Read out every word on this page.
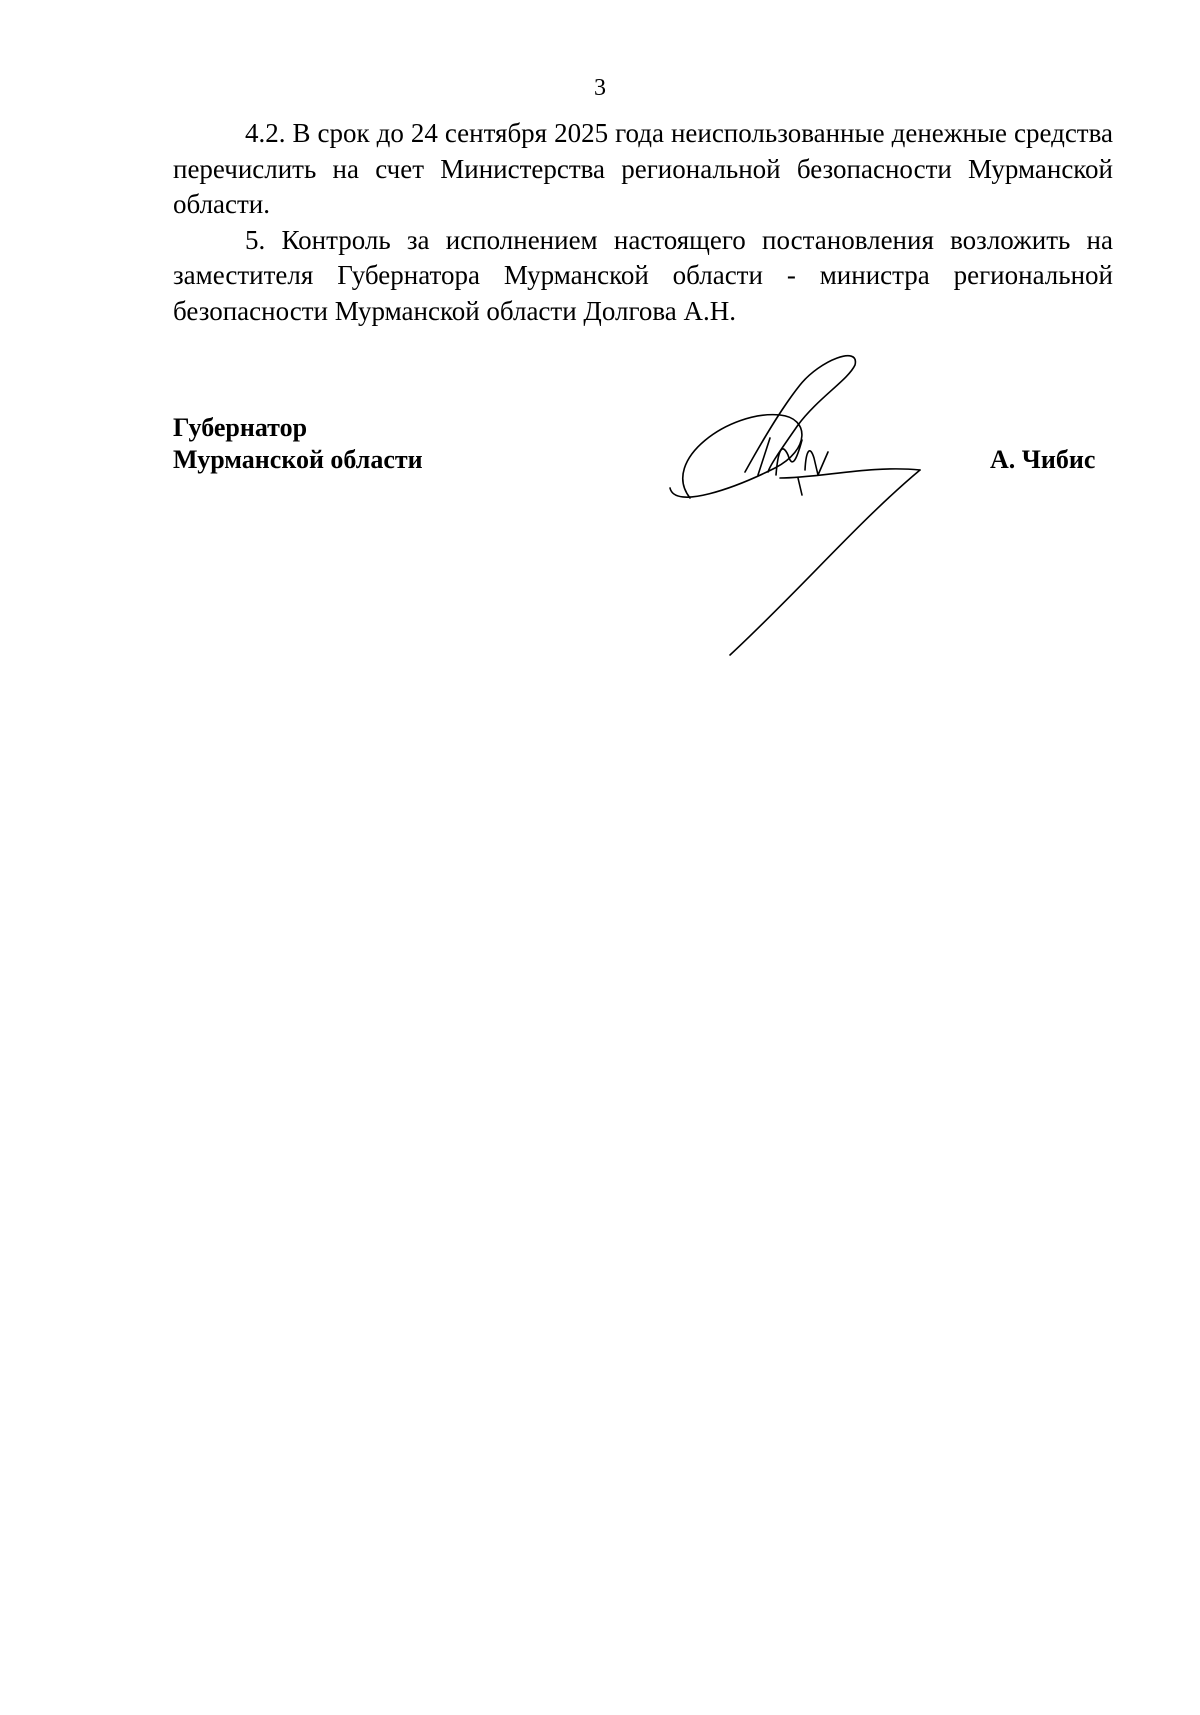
3

4.2. В срок до 24 сентября 2025 года неиспользованные денежные средства перечислить на счет Министерства региональной безопасности Мурманской области.

5. Контроль за исполнением настоящего постановления возложить на заместителя Губернатора Мурманской области - министра региональной безопасности Мурманской области Долгова А.Н.

Губернатор
Мурманской области	А. Чибис
